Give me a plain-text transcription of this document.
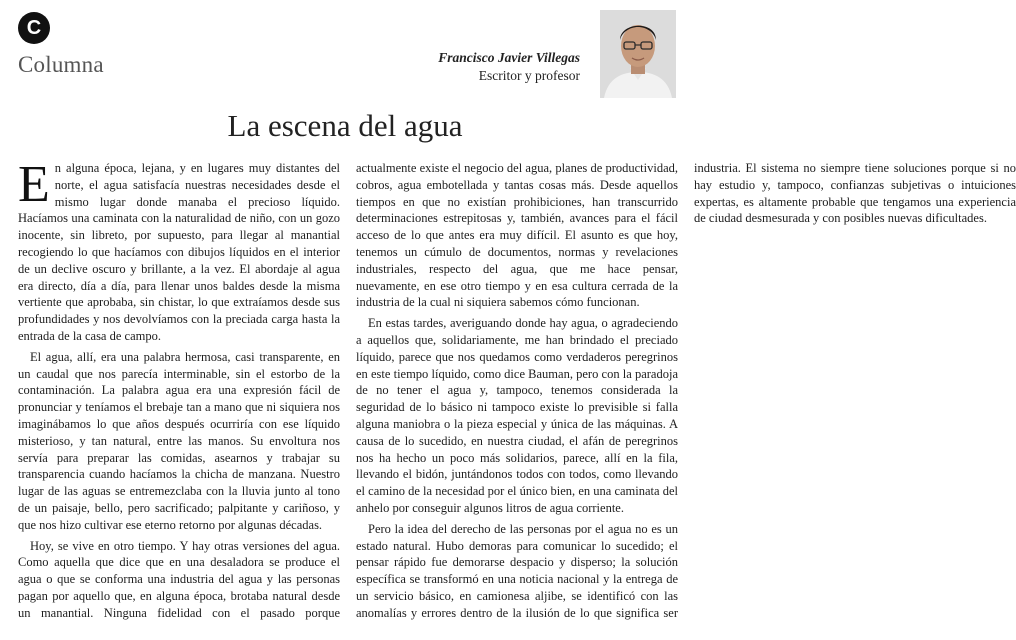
C
Columna	Francisco Javier Villegas
Escritor y profesor
La escena del agua

En alguna época, lejana, y en lugares muy distantes del norte, el agua satisfacía nuestras necesidades desde el mismo lugar donde manaba el precioso líquido. Hacíamos una caminata con la naturalidad de niño, con un gozo inocente, sin libreto, por supuesto, para llegar al manantial recogiendo lo que hacíamos con dibujos líquidos en el interior de un declive oscuro y brillante, a la vez. El abordaje al agua era directo, día a día, para llenar unos baldes desde la misma vertiente que aprobaba, sin chistar, lo que extraíamos desde sus profundidades y nos devolvíamos con la preciada carga hasta la entrada de la casa de campo.

El agua, allí, era una palabra hermosa, casi transparente, en un caudal que nos parecía interminable, sin el estorbo de la contaminación. La palabra agua era una expresión fácil de pronunciar y teníamos el brebaje tan a mano que ni siquiera nos imaginábamos lo que años después ocurriría con ese líquido misterioso, y tan natural, entre las manos. Su envoltura nos servía para preparar las comidas, asearnos y trabajar su transparencia cuando hacíamos la chicha de manzana. Nuestro lugar de las aguas se entremezclaba con la lluvia junto al tono de un paisaje, bello, pero sacrificado; palpitante y cariñoso, y que nos hizo cultivar ese eterno retorno por algunas décadas.

Hoy, se vive en otro tiempo. Y hay otras versiones del agua. Como aquella que dice que en una desaladora se produce el agua o que se conforma una industria del agua y las personas pagan por aquello que, en alguna época, brotaba natural desde un manantial. Ninguna fidelidad con el pasado porque actualmente existe el negocio del agua, planes de productividad, cobros, agua embotellada y tantas cosas más. Desde aquellos tiempos en que no existían prohibiciones, han transcurrido determinaciones estrepitosas y, también, avances para el fácil acceso de lo que antes era muy difícil. El asunto es que hoy, tenemos un cúmulo de documentos, normas y revelaciones industriales, respecto del agua, que me hace pensar, nuevamente, en ese otro tiempo y en esa cultura cerrada de la industria de la cual ni siquiera sabemos cómo funcionan.

En estas tardes, averiguando donde hay agua, o agradeciendo a aquellos que, solidariamente, me han brindado el preciado líquido, parece que nos quedamos como verdaderos peregrinos en este tiempo líquido, como dice Bauman, pero con la paradoja de no tener el agua y, tampoco, tenemos considerada la seguridad de lo básico ni tampoco existe lo previsible si falla alguna maniobra o la pieza especial y única de las máquinas. A causa de lo sucedido, en nuestra ciudad, el afán de peregrinos nos ha hecho un poco más solidarios, parece, allí en la fila, llevando el bidón, juntándonos todos con todos, como llevando el camino de la necesidad por el único bien, en una caminata del anhelo por conseguir algunos litros de agua corriente.

Pero la idea del derecho de las personas por el agua no es un estado natural. Hubo demoras para comunicar lo sucedido; el pensar rápido fue demorarse despacio y disperso; la solución específica se transformó en una noticia nacional y la entrega de un servicio básico, en camionesa aljibe, se identificó con las anomalías y errores dentro de la ilusión de lo que significa ser industria. El sistema no siempre tiene soluciones porque si no hay estudio y, tampoco, confianzas subjetivas o intuiciones expertas, es altamente probable que tengamos una experiencia de ciudad desmesurada y con posibles nuevas dificultades.
